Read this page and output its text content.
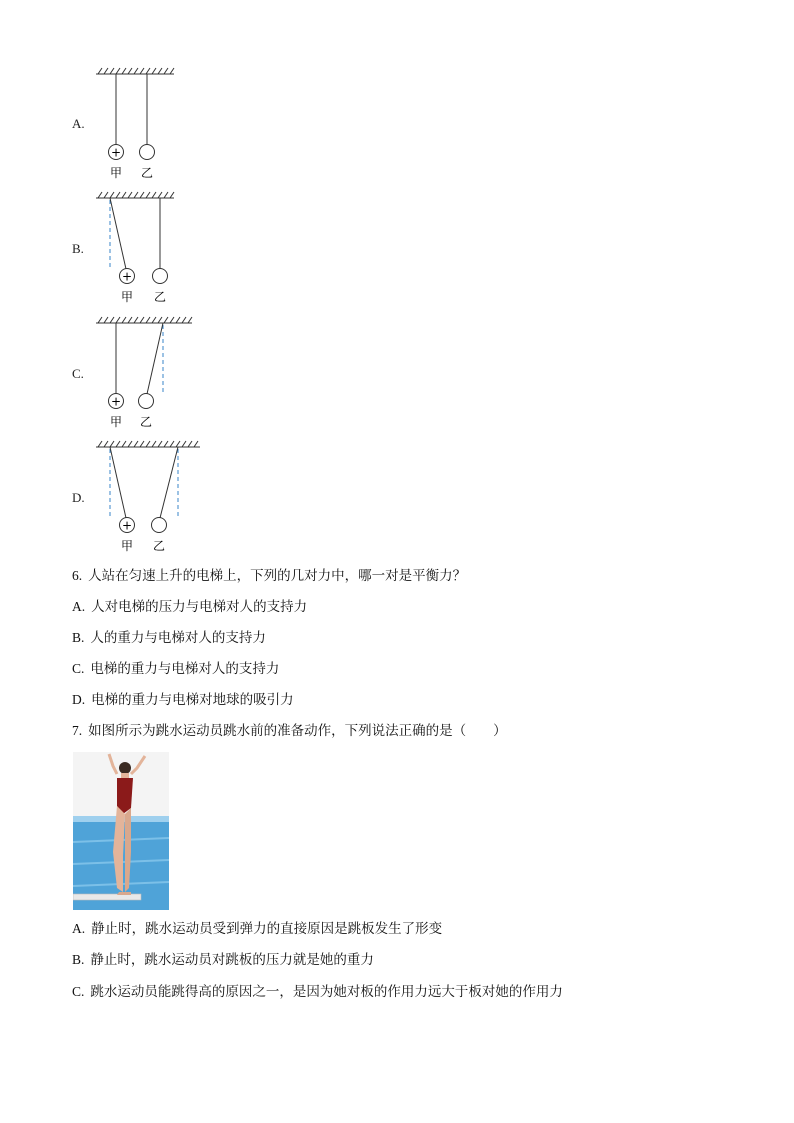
A.
+
甲 乙
B.
+
甲 乙
C.
+
甲 乙
D.
+
甲 乙
6. 人站在匀速上升的电梯上，下列的几对力中，哪一对是平衡力？
A. 人对电梯的压力与电梯对人的支持力
B. 人的重力与电梯对人的支持力
C. 电梯的重力与电梯对人的支持力
D. 电梯的重力与电梯对地球的吸引力
7. 如图所示为跳水运动员跳水前的准备动作，下列说法正确的是（　　）
A. 静止时，跳水运动员受到弹力的直接原因是跳板发生了形变
B. 静止时，跳水运动员对跳板的压力就是她的重力
C. 跳水运动员能跳得高的原因之一，是因为她对板的作用力远大于板对她的作用力
